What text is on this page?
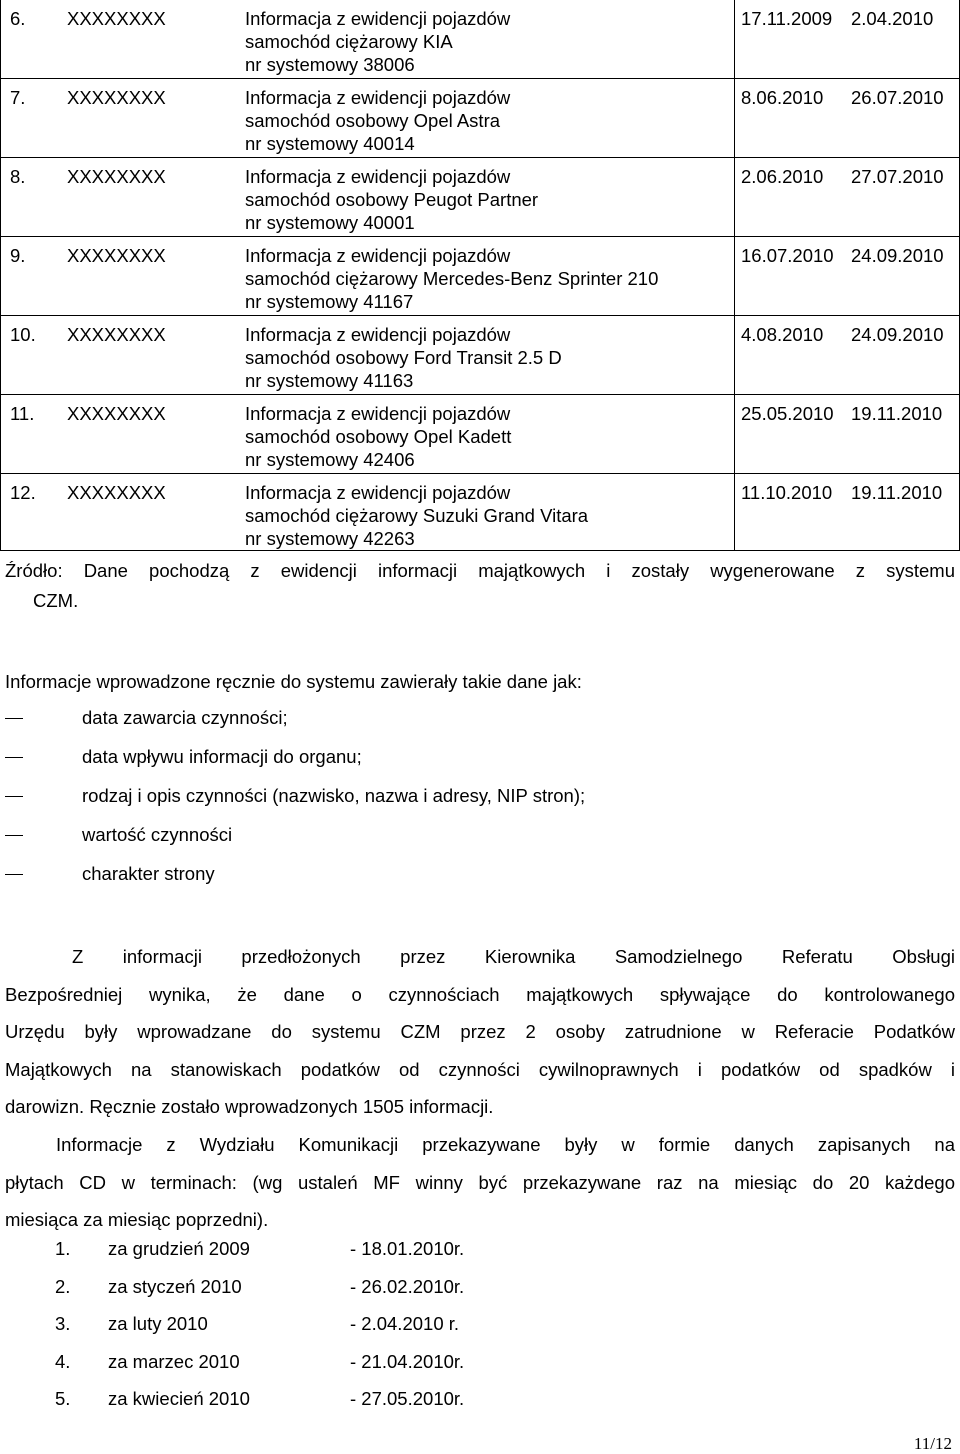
6. XXXXXXXX	Informacja z ewidencji pojazdów
samochód ciężarowy KIA
nr systemowy 38006
17.11.2009 2.04.2010
7. XXXXXXXX	Informacja z ewidencji pojazdów
samochód osobowy Opel Astra
nr systemowy 40014
8.06.2010 26.07.2010
8. XXXXXXXX	Informacja z ewidencji pojazdów
samochód osobowy Peugot Partner
nr systemowy 40001
2.06.2010 27.07.2010
9. XXXXXXXX	Informacja z ewidencji pojazdów
samochód ciężarowy Mercedes-Benz Sprinter 210
nr systemowy 41167
16.07.2010 24.09.2010
10. XXXXXXXX	Informacja z ewidencji pojazdów
samochód osobowy Ford Transit 2.5 D
nr systemowy 41163
4.08.2010 24.09.2010
11. XXXXXXXX	Informacja z ewidencji pojazdów
samochód osobowy Opel Kadett
nr systemowy 42406
25.05.2010 19.11.2010
12. XXXXXXXX	Informacja z ewidencji pojazdów
samochód ciężarowy Suzuki Grand Vitara
nr systemowy 42263
11.10.2010 19.11.2010
Źródło: Dane pochodzą z ewidencji informacji majątkowych i zostały wygenerowane z systemu
CZM.
Informacje wprowadzone ręcznie do systemu zawierały takie dane jak:
data zawarcia czynności;
data wpływu informacji do organu;
rodzaj i opis czynności (nazwisko, nazwa i adresy, NIP stron);
wartość czynności
charakter strony
Z informacji przedłożonych przez Kierownika Samodzielnego Referatu Obsługi
Bezpośredniej wynika, że dane o czynnościach majątkowych spływające do kontrolowanego
Urzędu były wprowadzane do systemu CZM przez 2 osoby zatrudnione w Referacie Podatków
Majątkowych na stanowiskach podatków od czynności cywilnoprawnych i podatków od spadków i
darowizn. Ręcznie zostało wprowadzonych 1505 informacji.
Informacje z Wydziału Komunikacji przekazywane były w formie danych zapisanych na
płytach CD w terminach: (wg ustaleń MF winny być przekazywane raz na miesiąc do 20 każdego
miesiąca za miesiąc poprzedni).
1. za grudzień 2009	- 18.01.2010r.
2. za styczeń 2010	- 26.02.2010r.
3. za luty 2010	- 2.04.2010 r.
4. za marzec 2010	- 21.04.2010r.
5. za kwiecień 2010	- 27.05.2010r.
11/12
